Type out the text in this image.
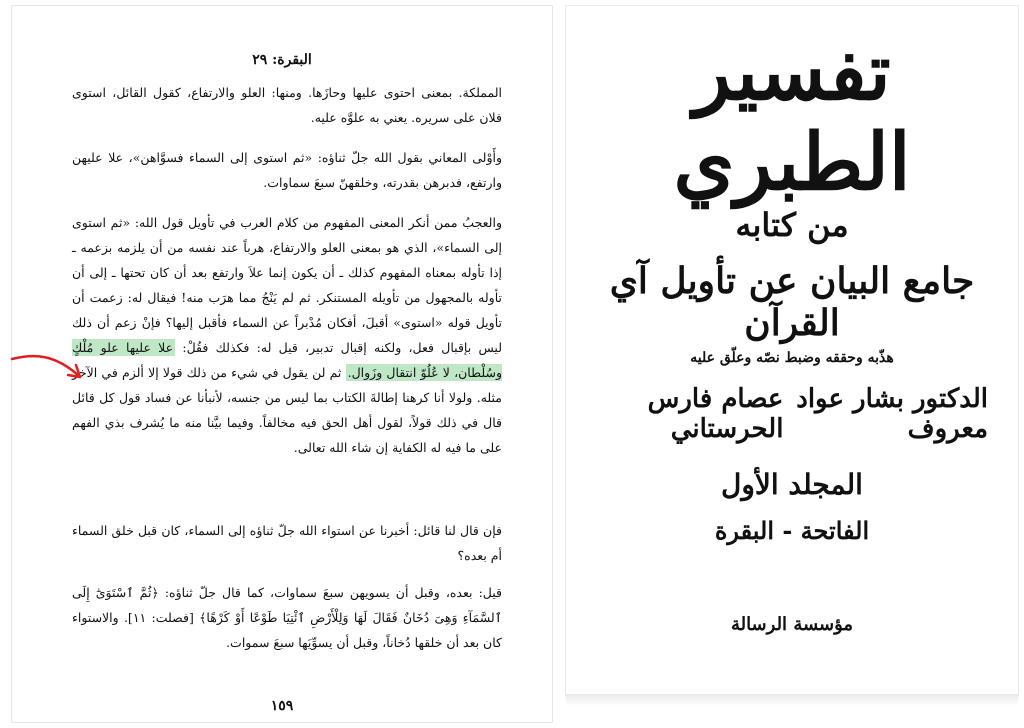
البقرة: ٢٩

المملكة. بمعنى احتوى عليها وحازَها. ومنها: العلو والارتفاع، كقول القائل، استوى فلان على سريره. يعني به علوَّه عليه.

وأَوْلى المعاني بقول الله جلّ ثناؤه: «ثم استوى إلى السماء فسوَّاهن»، علا عليهن وارتفع، فدبرهن بقدرته، وخلقهنّ سبعَ سماوات.

والعجبُ ممن أنكر المعنى المفهوم من كلام العرب في تأويل قول الله: «ثم استوى إلى السماء»، الذي هو بمعنى العلو والارتفاع، هرباً عند نفسه من أن يلزمه بزعمه ـ إذا تأوله بمعناه المفهوم كذلك ـ أن يكون إنما علاَ وارتفع بعد أن كان تحتها ـ إلى أن تأوله بالمجهول من تأويله المستنكر. ثم لم يَنْجُ مما هرَب منه! فيقال له: زعمت أن تأويل قوله «استوى» أقبلَ، أفكان مُدْبراً عن السماء فأقبل إليها؟ فإنْ زعم أن ذلك ليس بإقبال فعل، ولكنه إقبال تدبير، قيل له: فكذلك فقُلْ: علا عليها علو مُلْكٍ وسُلْطان، لا عُلُوّ انتقال وزَوال. ثم لن يقول في شيء من ذلك قولا إلا ألزم في الآخر مثله. ولولا أنا كرهنا إطالةَ الكتاب بما ليس من جنسه، لأنبأنا عن فساد قول كل قائل قال في ذلك قولاً، لقول أهل الحق فيه مخالفاً. وفيما بيَّنا منه ما يُشرف بذي الفهم على ما فيه له الكفاية إن شاء الله تعالى.

فإن قال لنا قائل: أخبرنا عن استواء الله جلّ ثناؤه إلى السماء، كان قبل خلق السماء أم بعده؟

قيل: بعده، وقبل أن يسويهن سبعَ سماوات، كما قال جلّ ثناؤه: ﴿ثُمَّ ٱسْتَوَىٰٓ إِلَى ٱلسَّمَآءِ وَهِىَ دُخَانٌ فَقَالَ لَهَا وَلِلْأَرْضِ ٱئْتِيَا طَوْعًا أَوْ كَرْهًا﴾ [فصلت: ١١]. والاستواء كان بعد أن خلقها دُخاناً، وقبل أن يسوِّيَها سبعَ سموات.

١٥٩
تفسير الطبري
من كتابه
جامع البيان عن تأويل آي القرآن
هذّبه وحققه وضبط نصّه وعلّق عليه
الدكتور بشار عواد معروف
عصام فارس الحرستاني
المجلد الأول
الفاتحة - البقرة
مؤسسة الرسالة
